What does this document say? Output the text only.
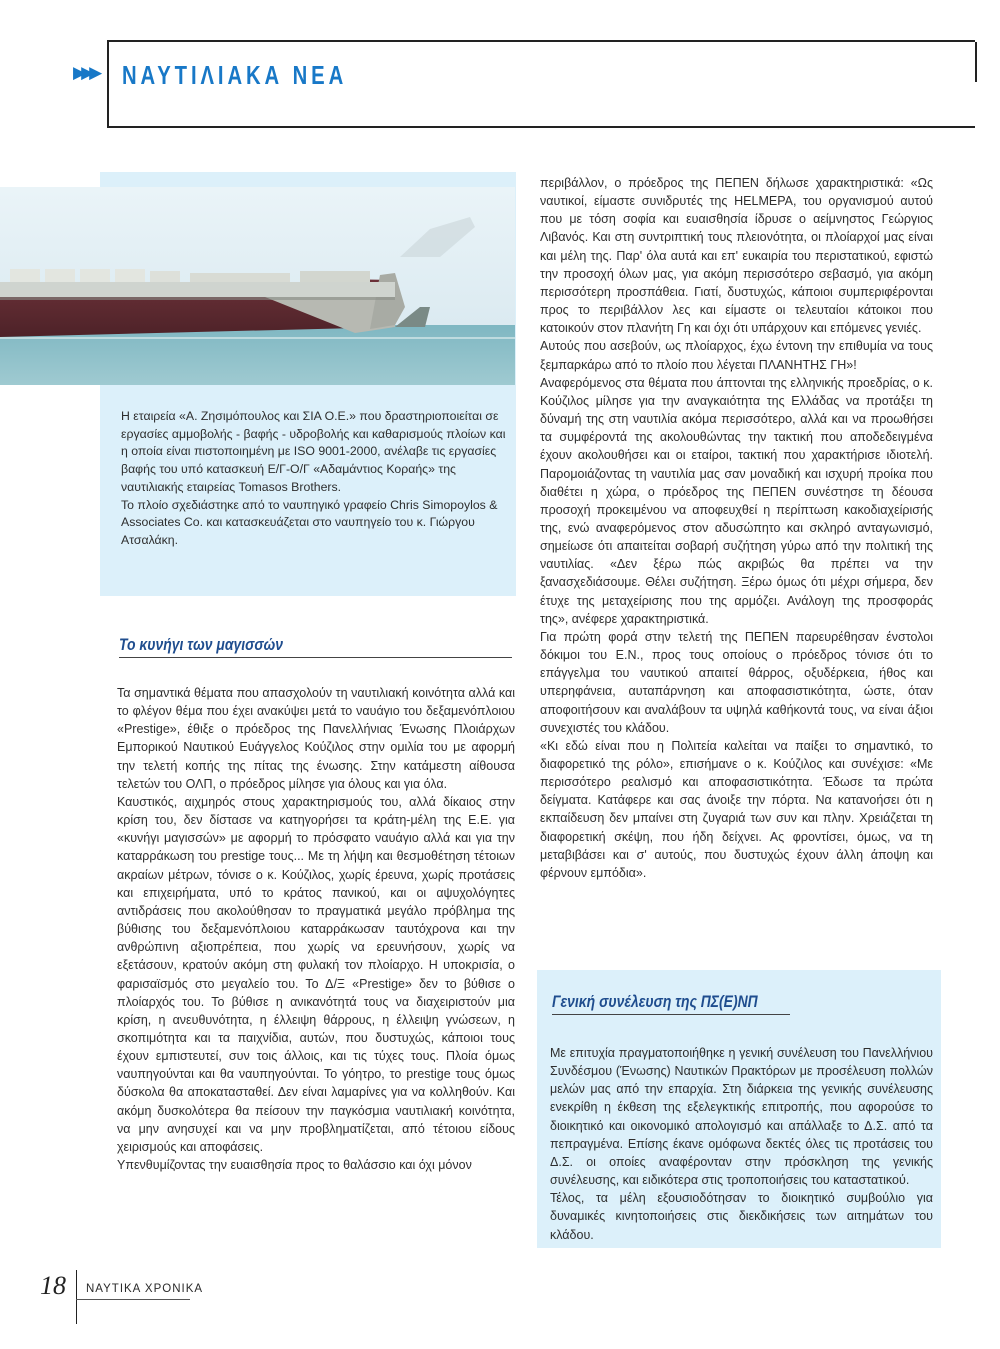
▶▶▶ ΝΑΥΤΙΛΙΑΚΑ ΝΕΑ

Η εταιρεία «Α. Ζησιμόπουλος και ΣΙΑ Ο.Ε.» που δραστηριοποιείται σε εργασίες αμμοβολής - βαφής - υδροβολής και καθαρισμούς πλοίων και η οποία είναι πιστοποιημένη με ISO 9001-2000, ανέλαβε τις εργασίες βαφής του υπό κατασκευή Ε/Γ-Ο/Γ «Αδαμάντιος Κοραής» της ναυτιλιακής εταιρείας Tomasos Brothers.

Το πλοίο σχεδιάστηκε από το ναυπηγικό γραφείο Chris Simopoylos & Associates Co. και κατασκευάζεται στο ναυπηγείο του κ. Γιώργου Ατσαλάκη.

Το κυνήγι των μαγισσών

Τα σημαντικά θέματα που απασχολούν τη ναυτιλιακή κοινότητα αλλά και το φλέγον θέμα που έχει ανακύψει μετά το ναυάγιο του δεξαμενόπλοιου «Prestige», έθιξε ο πρόεδρος της Πανελλήνιας Ένωσης Πλοιάρχων Εμπορικού Ναυτικού Ευάγγελος Κούζιλος στην ομιλία του με αφορμή την τελετή κοπής της πίτας της ένωσης. Στην κατάμεστη αίθουσα τελετών του ΟΛΠ, ο πρόεδρος μίλησε για όλους και για όλα.

Καυστικός, αιχμηρός στους χαρακτηρισμούς του, αλλά δίκαιος στην κρίση του, δεν δίστασε να κατηγορήσει τα κράτη-μέλη της Ε.Ε. για «κυνήγι μαγισσών» με αφορμή το πρόσφατο ναυάγιο αλλά και για την καταρράκωση του prestige τους... Με τη λήψη και θεσμοθέτηση τέτοιων ακραίων μέτρων, τόνισε ο κ. Κούζιλος, χωρίς έρευνα, χωρίς προτάσεις και επιχειρήματα, υπό το κράτος πανικού, και οι αψυχολόγητες αντιδράσεις που ακολούθησαν το πραγματικά μεγάλο πρόβλημα της βύθισης του δεξαμενόπλοιου καταρράκωσαν ταυτόχρονα και την ανθρώπινη αξιοπρέπεια, που χωρίς να ερευνήσουν, χωρίς να εξετάσουν, κρατούν ακόμη στη φυλακή τον πλοίαρχο. Η υποκρισία, ο φαρισαϊσμός στο μεγαλείο του. Το Δ/Ξ «Prestige» δεν το βύθισε ο πλοίαρχός του. Το βύθισε η ανικανότητά τους να διαχειριστούν μια κρίση, η ανευθυνότητα, η έλλειψη θάρρους, η έλλειψη γνώσεων, η σκοπιμότητα και τα παιχνίδια, αυτών, που δυστυχώς, κάποιοι τους έχουν εμπιστευτεί, συν τοις άλλοις, και τις τύχες τους. Πλοία όμως ναυπηγούνται και θα ναυπηγούνται. Το γόητρο, το prestige τους όμως δύσκολα θα αποκατασταθεί. Δεν είναι λαμαρίνες για να κολληθούν. Και ακόμη δυσκολότερα θα πείσουν την παγκόσμια ναυτιλιακή κοινότητα, να μην ανησυχεί και να μην προβληματίζεται, από τέτοιου είδους χειρισμούς και αποφάσεις.

Υπενθυμίζοντας την ευαισθησία προς το θαλάσσιο και όχι μόνον

περιβάλλον, ο πρόεδρος της ΠΕΠΕΝ δήλωσε χαρακτηριστικά: «Ως ναυτικοί, είμαστε συνιδρυτές της HELMEPA, του οργανισμού αυτού που με τόση σοφία και ευαισθησία ίδρυσε ο αείμνηστος Γεώργιος Λιβανός. Και στη συντριπτική τους πλειονότητα, οι πλοίαρχοί μας είναι και μέλη της. Παρ' όλα αυτά και επ' ευκαιρία του περιστατικού, εφιστώ την προσοχή όλων μας, για ακόμη περισσότερο σεβασμό, για ακόμη περισσότερη προσπάθεια. Γιατί, δυστυχώς, κάποιοι συμπεριφέρονται προς το περιβάλλον λες και είμαστε οι τελευταίοι κάτοικοι που κατοικούν στον πλανήτη Γη και όχι ότι υπάρχουν και επόμενες γενιές.

Αυτούς που ασεβούν, ως πλοίαρχος, έχω έντονη την επιθυμία να τους ξεμπαρκάρω από το πλοίο που λέγεται ΠΛΑΝΗΤΗΣ ΓΗ»!

Αναφερόμενος στα θέματα που άπτονται της ελληνικής προεδρίας, ο κ. Κούζιλος μίλησε για την αναγκαιότητα της Ελλάδας να προτάξει τη δύναμή της στη ναυτιλία ακόμα περισσότερο, αλλά και να προωθήσει τα συμφέροντά της ακολουθώντας την τακτική που αποδεδειγμένα έχουν ακολουθήσει και οι εταίροι, τακτική που χαρακτήρισε ιδιοτελή. Παρομοιάζοντας τη ναυτιλία μας σαν μοναδική και ισχυρή προίκα που διαθέτει η χώρα, ο πρόεδρος της ΠΕΠΕΝ συνέστησε τη δέουσα προσοχή προκειμένου να αποφευχθεί η περίπτωση κακοδιαχείρισής της, ενώ αναφερόμενος στον αδυσώπητο και σκληρό ανταγωνισμό, σημείωσε ότι απαιτείται σοβαρή συζήτηση γύρω από την πολιτική της ναυτιλίας. «Δεν ξέρω πώς ακριβώς θα πρέπει να την ξανασχεδιάσουμε. Θέλει συζήτηση. Ξέρω όμως ότι μέχρι σήμερα, δεν έτυχε της μεταχείρισης που της αρμόζει. Ανάλογη της προσφοράς της», ανέφερε χαρακτηριστικά.

Για πρώτη φορά στην τελετή της ΠΕΠΕΝ παρευρέθησαν ένστολοι δόκιμοι του Ε.Ν., προς τους οποίους ο πρόεδρος τόνισε ότι το επάγγελμα του ναυτικού απαιτεί θάρρος, οξυδέρκεια, ήθος και υπερηφάνεια, αυταπάρνηση και αποφασιστικότητα, ώστε, όταν αποφοιτήσουν και αναλάβουν τα υψηλά καθήκοντά τους, να είναι άξιοι συνεχιστές του κλάδου.

«Κι εδώ είναι που η Πολιτεία καλείται να παίξει το σημαντικό, το διαφορετικό της ρόλο», επισήμανε ο κ. Κούζιλος και συνέχισε: «Με περισσότερο ρεαλισμό και αποφασιστικότητα. Έδωσε τα πρώτα δείγματα. Κατάφερε και σας άνοιξε την πόρτα. Να κατανοήσει ότι η εκπαίδευση δεν μπαίνει στη ζυγαριά των συν και πλην. Χρειάζεται τη διαφορετική σκέψη, που ήδη δείχνει. Ας φροντίσει, όμως, να τη μεταβιβάσει και σ' αυτούς, που δυστυχώς έχουν άλλη άποψη και φέρνουν εμπόδια».

Γενική συνέλευση της ΠΣ(Ε)ΝΠ

Με επιτυχία πραγματοποιήθηκε η γενική συνέλευση του Πανελλήνιου Συνδέσμου (Ένωσης) Ναυτικών Πρακτόρων με προσέλευση πολλών μελών μας από την επαρχία. Στη διάρκεια της γενικής συνέλευσης ενεκρίθη η έκθεση της εξελεγκτικής επιτροπής, που αφορούσε το διοικητικό και οικονομικό απολογισμό και απάλλαξε το Δ.Σ. από τα πεπραγμένα. Επίσης έκανε ομόφωνα δεκτές όλες τις προτάσεις του Δ.Σ. οι οποίες αναφέρονταν στην πρόσκληση της γενικής συνέλευσης, και ειδικότερα στις τροποποιήσεις του καταστατικού.

Τέλος, τα μέλη εξουσιοδότησαν το διοικητικό συμβούλιο για δυναμικές κινητοποιήσεις στις διεκδικήσεις των αιτημάτων του κλάδου.

18 ΝΑΥΤΙΚΑ ΧΡΟΝΙΚΑ
